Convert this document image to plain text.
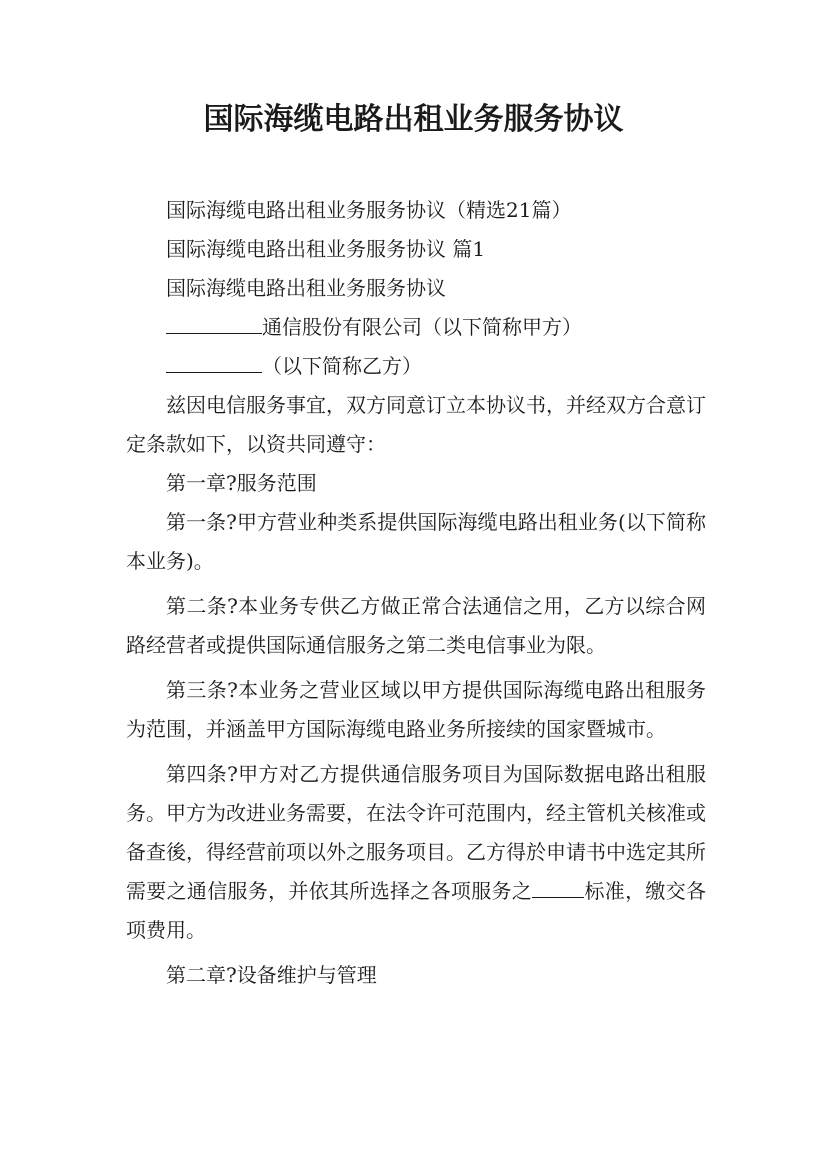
国际海缆电路出租业务服务协议

国际海缆电路出租业务服务协议（精选21篇）

国际海缆电路出租业务服务协议 篇1

国际海缆电路出租业务服务协议

通信股份有限公司（以下简称甲方）

（以下简称乙方）

兹因电信服务事宜，双方同意订立本协议书，并经双方合意订定条款如下，以资共同遵守：

第一章?服务范围

第一条?甲方营业种类系提供国际海缆电路出租业务(以下简称本业务)。

第二条?本业务专供乙方做正常合法通信之用，乙方以综合网路经营者或提供国际通信服务之第二类电信事业为限。

第三条?本业务之营业区域以甲方提供国际海缆电路出租服务为范围，并涵盖甲方国际海缆电路业务所接续的国家暨城市。

第四条?甲方对乙方提供通信服务项目为国际数据电路出租服务。甲方为改进业务需要，在法令许可范围内，经主管机关核准或备查後，得经营前项以外之服务项目。乙方得於申请书中选定其所需要之通信服务，并依其所选择之各项服务之	标准，缴交各项费用。

第二章?设备维护与管理
